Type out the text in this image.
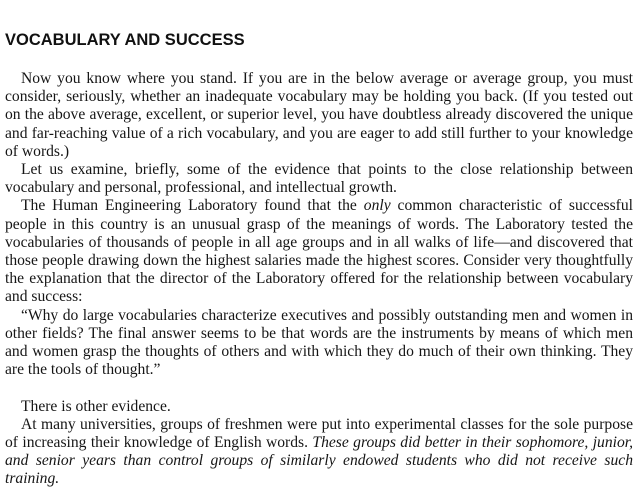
VOCABULARY AND SUCCESS

Now you know where you stand. If you are in the below average or average group, you must consider, seriously, whether an inadequate vocabulary may be holding you back. (If you tested out on the above average, excellent, or superior level, you have doubtless already discovered the unique and far-reaching value of a rich vocabulary, and you are eager to add still further to your knowledge of words.)

Let us examine, briefly, some of the evidence that points to the close relationship between vocabulary and personal, professional, and intellectual growth.

The Human Engineering Laboratory found that the only common characteristic of successful people in this country is an unusual grasp of the meanings of words. The Laboratory tested the vocabularies of thousands of people in all age groups and in all walks of life—and discovered that those people drawing down the highest salaries made the highest scores. Consider very thoughtfully the explanation that the director of the Laboratory offered for the relationship between vocabulary and success:

“Why do large vocabularies characterize executives and possibly outstanding men and women in other fields? The final answer seems to be that words are the instruments by means of which men and women grasp the thoughts of others and with which they do much of their own thinking. They are the tools of thought.”

There is other evidence.

At many universities, groups of freshmen were put into experimental classes for the sole purpose of increasing their knowledge of English words. These groups did better in their sophomore, junior, and senior years than control groups of similarly endowed students who did not receive such training.
